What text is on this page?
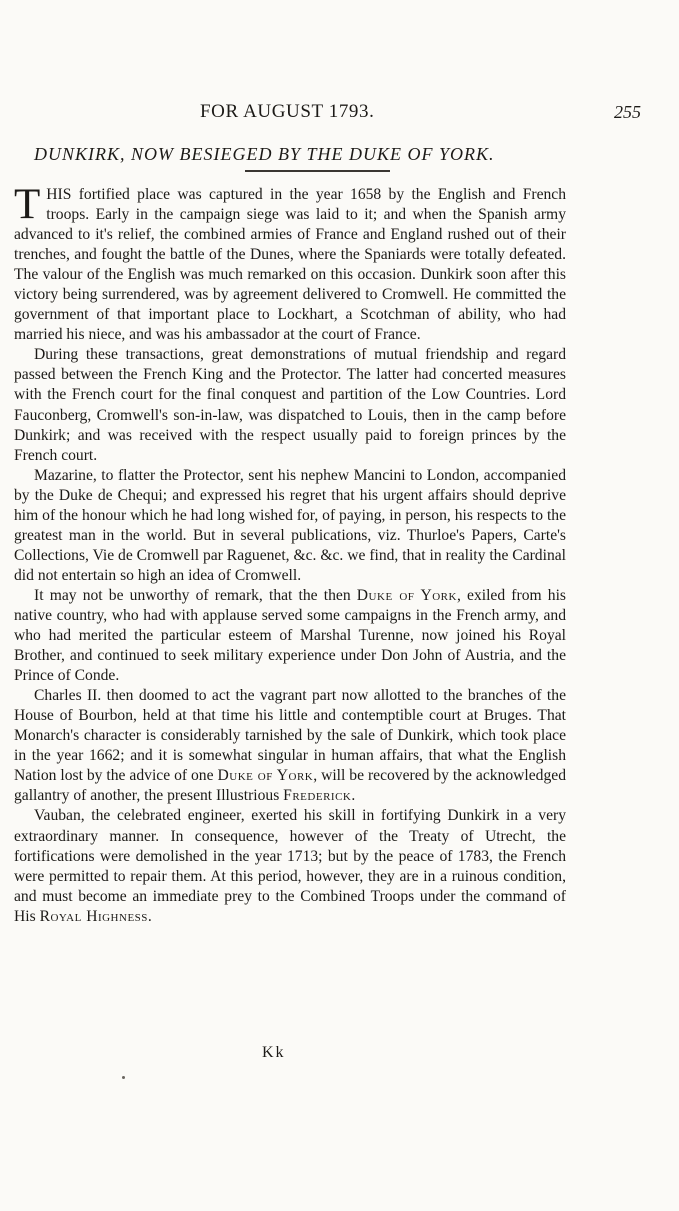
FOR AUGUST 1793.	255
DUNKIRK, NOW BESIEGED BY THE DUKE OF YORK.

THIS fortified place was captured in the year 1658 by the English and French troops. Early in the campaign siege was laid to it; and when the Spanish army advanced to it's relief, the combined armies of France and England rushed out of their trenches, and fought the battle of the Dunes, where the Spaniards were totally defeated. The valour of the English was much remarked on this occasion. Dunkirk soon after this victory being surrendered, was by agreement delivered to Cromwell. He committed the government of that important place to Lockhart, a Scotchman of ability, who had married his niece, and was his ambassador at the court of France.

During these transactions, great demonstrations of mutual friendship and regard passed between the French King and the Protector. The latter had concerted measures with the French court for the final conquest and partition of the Low Countries. Lord Fauconberg, Cromwell's son-in-law, was dispatched to Louis, then in the camp before Dunkirk; and was received with the respect usually paid to foreign princes by the French court.

Mazarine, to flatter the Protector, sent his nephew Mancini to London, accompanied by the Duke de Chequi; and expressed his regret that his urgent affairs should deprive him of the honour which he had long wished for, of paying, in person, his respects to the greatest man in the world. But in several publications, viz. Thurloe's Papers, Carte's Collections, Vie de Cromwell par Raguenet, &c. &c. we find, that in reality the Cardinal did not entertain so high an idea of Cromwell.

It may not be unworthy of remark, that the then Duke of York, exiled from his native country, who had with applause served some campaigns in the French army, and who had merited the particular esteem of Marshal Turenne, now joined his Royal Brother, and continued to seek military experience under Don John of Austria, and the Prince of Conde.

Charles II. then doomed to act the vagrant part now allotted to the branches of the House of Bourbon, held at that time his little and contemptible court at Bruges. That Monarch's character is considerably tarnished by the sale of Dunkirk, which took place in the year 1662; and it is somewhat singular in human affairs, that what the English Nation lost by the advice of one Duke of York, will be recovered by the acknowledged gallantry of another, the present Illustrious Frederick.

Vauban, the celebrated engineer, exerted his skill in fortifying Dunkirk in a very extraordinary manner. In consequence, however of the Treaty of Utrecht, the fortifications were demolished in the year 1713; but by the peace of 1783, the French were permitted to repair them. At this period, however, they are in a ruinous condition, and must become an immediate prey to the Combined Troops under the command of His Royal Highness.

Kk
